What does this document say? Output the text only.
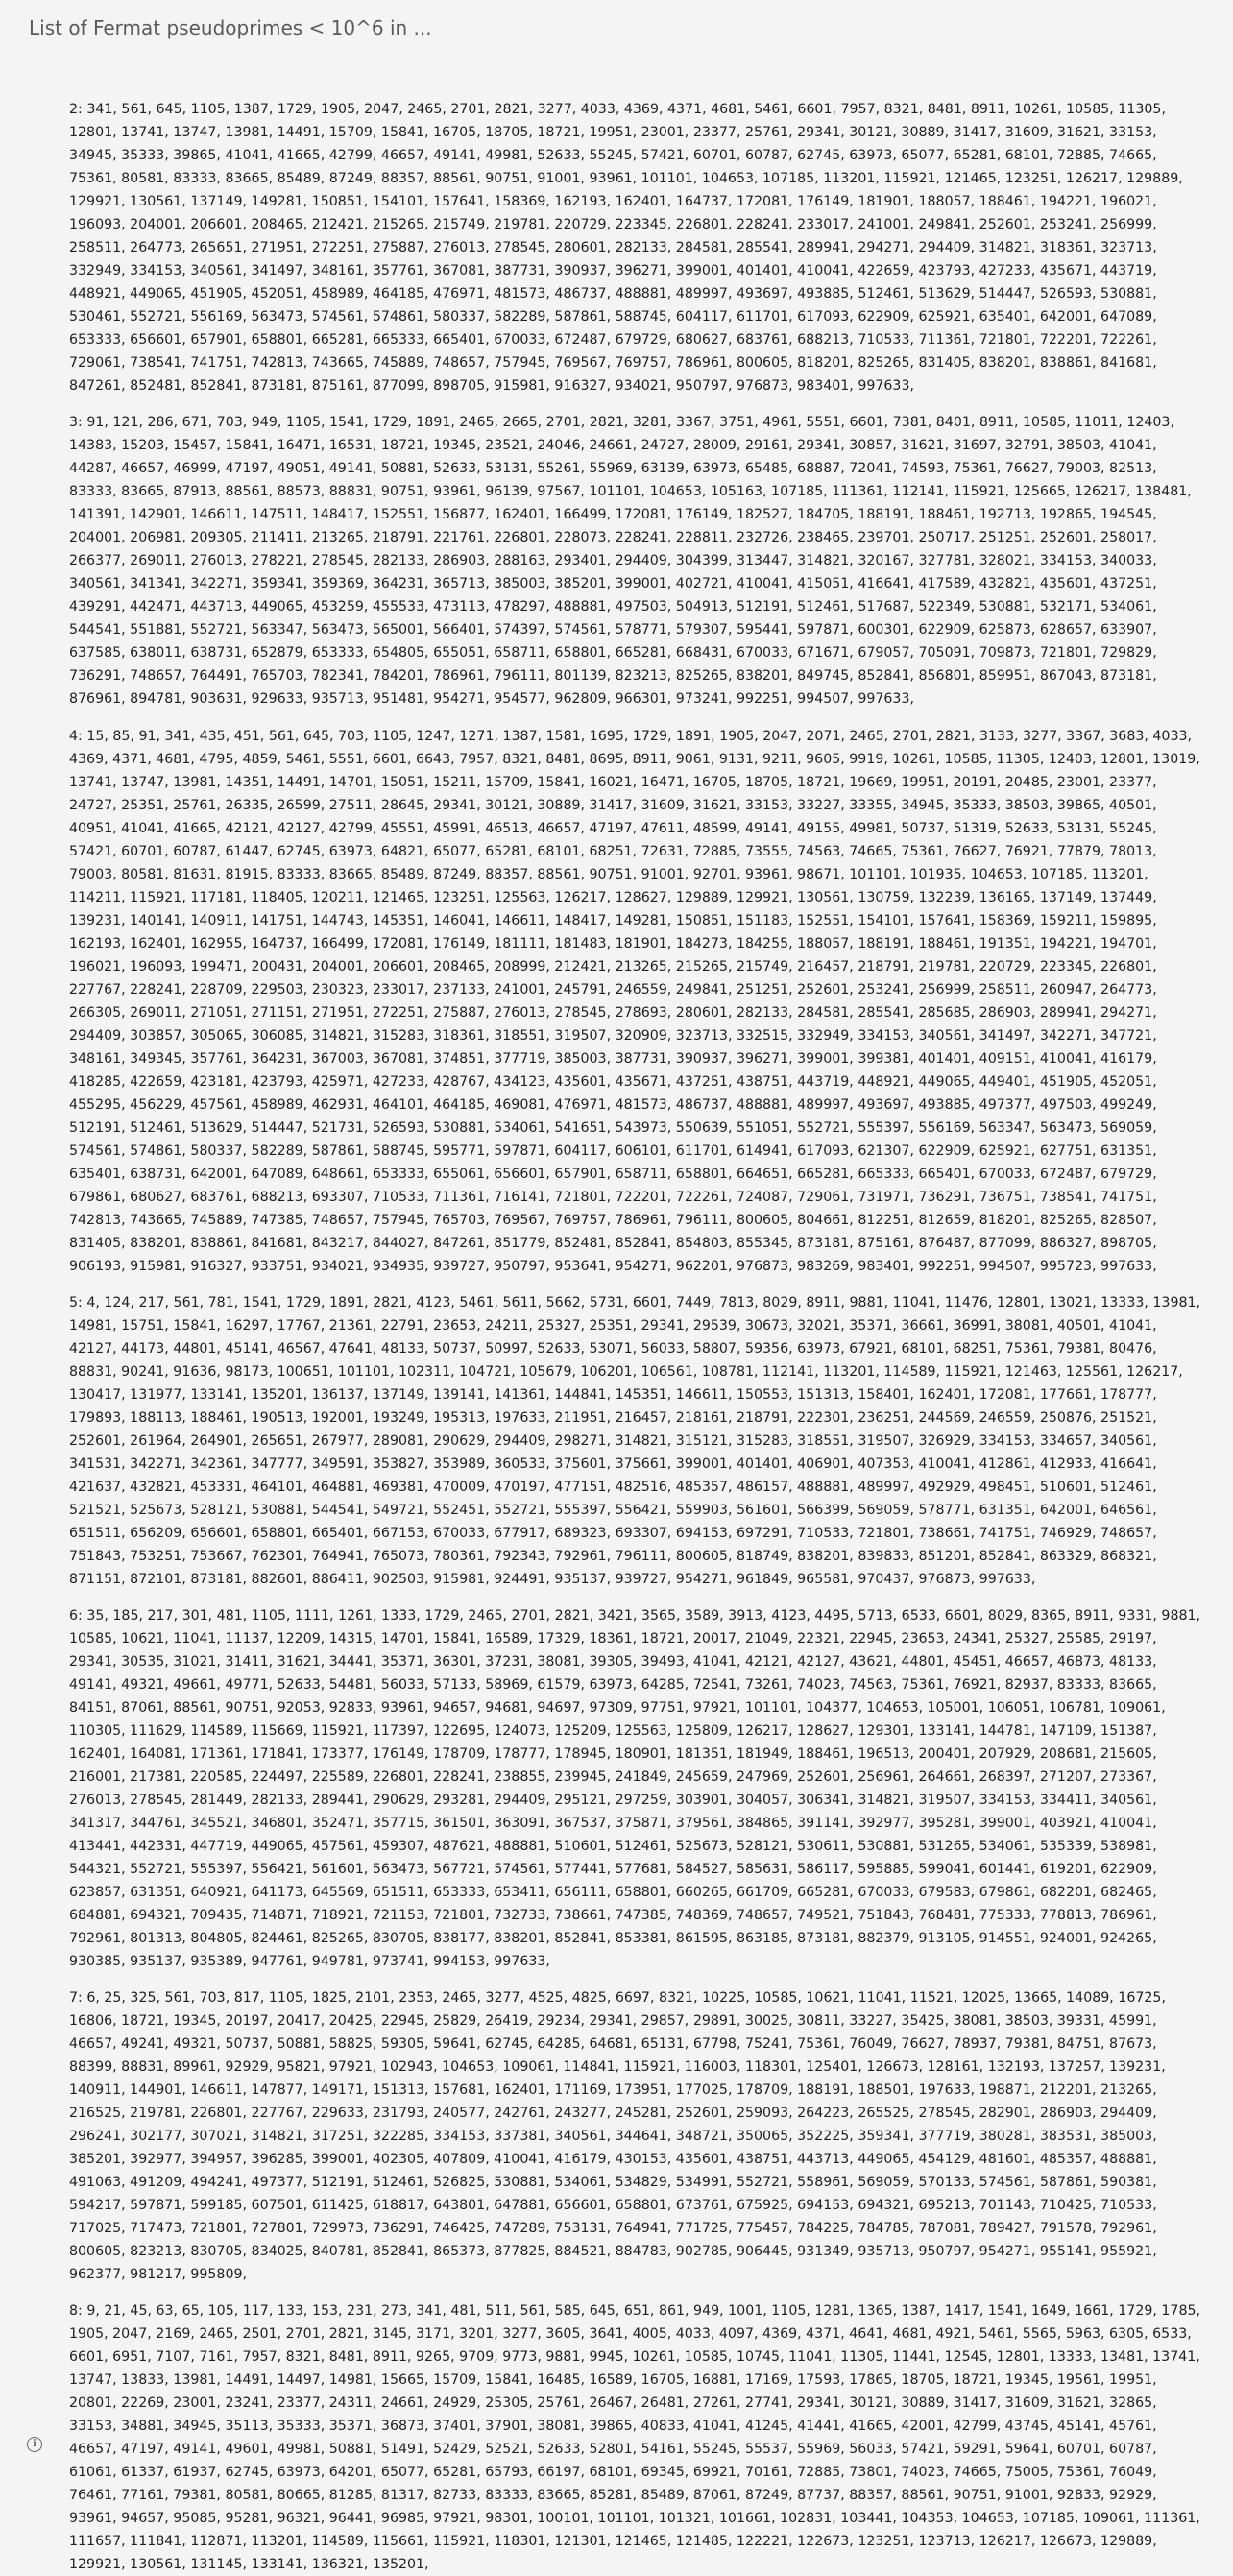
List of Fermat pseudoprimes < 10^6 in ...

2: 341, 561, 645, 1105, 1387, 1729, 1905, 2047, 2465, 2701, 2821, 3277, 4033, 4369, 4371, 4681, 5461, 6601, 7957, 8321, 8481, 8911, 10261, 10585, 11305, 12801, 13741, 13747, 13981, 14491, 15709, 15841, 16705, 18705, 18721, 19951, 23001, 23377, 25761, 29341, 30121, 30889, 31417, 31609, 31621, 33153, 34945, 35333, 39865, 41041, 41665, 42799, 46657, 49141, 49981, 52633, 55245, 57421, 60701, 60787, 62745, 63973, 65077, 65281, 68101, 72885, 74665, 75361, 80581, 83333, 83665, 85489, 87249, 88357, 88561, 90751, 91001, 93961, 101101, 104653, 107185, 113201, 115921, 121465, 123251, 126217, 129889, 129921, 130561, 137149, 149281, 150851, 154101, 157641, 158369, 162193, 162401, 164737, 172081, 176149, 181901, 188057, 188461, 194221, 196021, 196093, 204001, 206601, 208465, 212421, 215265, 215749, 219781, 220729, 223345, 226801, 228241, 233017, 241001, 249841, 252601, 253241, 256999, 258511, 264773, 265651, 271951, 272251, 275887, 276013, 278545, 280601, 282133, 284581, 285541, 289941, 294271, 294409, 314821, 318361, 323713, 332949, 334153, 340561, 341497, 348161, 357761, 367081, 387731, 390937, 396271, 399001, 401401, 410041, 422659, 423793, 427233, 435671, 443719, 448921, 449065, 451905, 452051, 458989, 464185, 476971, 481573, 486737, 488881, 489997, 493697, 493885, 512461, 513629, 514447, 526593, 530881, 530461, 552721, 556169, 563473, 574561, 574861, 580337, 582289, 587861, 588745, 604117, 611701, 617093, 622909, 625921, 635401, 642001, 647089, 653333, 656601, 657901, 658801, 665281, 665333, 665401, 670033, 672487, 679729, 680627, 683761, 688213, 710533, 711361, 721801, 722201, 722261, 729061, 738541, 741751, 742813, 743665, 745889, 748657, 757945, 769567, 769757, 786961, 800605, 818201, 825265, 831405, 838201, 838861, 841681, 847261, 852481, 852841, 873181, 875161, 877099, 898705, 915981, 916327, 934021, 950797, 976873, 983401, 997633,

3: 91, 121, 286, 671, 703, 949, 1105, 1541, 1729, 1891, 2465, 2665, 2701, 2821, 3281, 3367, 3751, 4961, 5551, 6601, 7381, 8401, 8911, 10585, 11011, 12403, 14383, 15203, 15457, 15841, 16471, 16531, 18721, 19345, 23521, 24046, 24661, 24727, 28009, 29161, 29341, 30857, 31621, 31697, 32791, 38503, 41041, 44287, 46657, 46999, 47197, 49051, 49141, 50881, 52633, 53131, 55261, 55969, 63139, 63973, 65485, 68887, 72041, 74593, 75361, 76627, 79003, 82513, 83333, 83665, 87913, 88561, 88573, 88831, 90751, 93961, 96139, 97567, 101101, 104653, 105163, 107185, 111361, 112141, 115921, 125665, 126217, 138481, 141391, 142901, 146611, 147511, 148417, 152551, 156877, 162401, 166499, 172081, 176149, 182527, 184705, 188191, 188461, 192713, 192865, 194545, 204001, 206981, 209305, 211411, 213265, 218791, 221761, 226801, 228073, 228241, 228811, 232726, 238465, 239701, 250717, 251251, 252601, 258017, 266377, 269011, 276013, 278221, 278545, 282133, 286903, 288163, 293401, 294409, 304399, 313447, 314821, 320167, 327781, 328021, 334153, 340033, 340561, 341341, 342271, 359341, 359369, 364231, 365713, 385003, 385201, 399001, 402721, 410041, 415051, 416641, 417589, 432821, 435601, 437251, 439291, 442471, 443713, 449065, 453259, 455533, 473113, 478297, 488881, 497503, 504913, 512191, 512461, 517687, 522349, 530881, 532171, 534061, 544541, 551881, 552721, 563347, 563473, 565001, 566401, 574397, 574561, 578771, 579307, 595441, 597871, 600301, 622909, 625873, 628657, 633907, 637585, 638011, 638731, 652879, 653333, 654805, 655051, 658711, 658801, 665281, 668431, 670033, 671671, 679057, 705091, 709873, 721801, 729829, 736291, 748657, 764491, 765703, 782341, 784201, 786961, 796111, 801139, 823213, 825265, 838201, 849745, 852841, 856801, 859951, 867043, 873181, 876961, 894781, 903631, 929633, 935713, 951481, 954271, 954577, 962809, 966301, 973241, 992251, 994507, 997633,

4: 15, 85, 91, 341, 435, 451, 561, 645, 703, 1105, 1247, 1271, 1387, 1581, 1695, 1729, 1891, 1905, 2047, 2071, 2465, 2701, 2821, 3133, 3277, 3367, 3683, 4033, 4369, 4371, 4681, 4795, 4859, 5461, 5551, 6601, 6643, 7957, 8321, 8481, 8695, 8911, 9061, 9131, 9211, 9605, 9919, 10261, 10585, 11305, 12403, 12801, 13019, 13741, 13747, 13981, 14351, 14491, 14701, 15051, 15211, 15709, 15841, 16021, 16471, 16705, 18705, 18721, 19669, 19951, 20191, 20485, 23001, 23377, 24727, 25351, 25761, 26335, 26599, 27511, 28645, 29341, 30121, 30889, 31417, 31609, 31621, 33153, 33227, 33355, 34945, 35333, 38503, 39865, 40501, 40951, 41041, 41665, 42121, 42127, 42799, 45551, 45991, 46513, 46657, 47197, 47611, 48599, 49141, 49155, 49981, 50737, 51319, 52633, 53131, 55245, 57421, 60701, 60787, 61447, 62745, 63973, 64821, 65077, 65281, 68101, 68251, 72631, 72885, 73555, 74563, 74665, 75361, 76627, 76921, 77879, 78013, 79003, 80581, 81631, 81915, 83333, 83665, 85489, 87249, 88357, 88561, 90751, 91001, 92701, 93961, 98671, 101101, 101935, 104653, 107185, 113201, 114211, 115921, 117181, 118405, 120211, 121465, 123251, 125563, 126217, 128627, 129889, 129921, 130561, 130759, 132239, 136165, 137149, 137449, 139231, 140141, 140911, 141751, 144743, 145351, 146041, 146611, 148417, 149281, 150851, 151183, 152551, 154101, 157641, 158369, 159211, 159895, 162193, 162401, 162955, 164737, 166499, 172081, 176149, 181111, 181483, 181901, 184273, 184255, 188057, 188191, 188461, 191351, 194221, 194701, 196021, 196093, 199471, 200431, 204001, 206601, 208465, 208999, 212421, 213265, 215265, 215749, 216457, 218791, 219781, 220729, 223345, 226801, 227767, 228241, 228709, 229503, 230323, 233017, 237133, 241001, 245791, 246559, 249841, 251251, 252601, 253241, 256999, 258511, 260947, 264773, 266305, 269011, 271051, 271151, 271951, 272251, 275887, 276013, 278545, 278693, 280601, 282133, 284581, 285541, 285685, 286903, 289941, 294271, 294409, 303857, 305065, 306085, 314821, 315283, 318361, 318551, 319507, 320909, 323713, 332515, 332949, 334153, 340561, 341497, 342271, 347721, 348161, 349345, 357761, 364231, 367003, 367081, 374851, 377719, 385003, 387731, 390937, 396271, 399001, 399381, 401401, 409151, 410041, 416179, 418285, 422659, 423181, 423793, 425971, 427233, 428767, 434123, 435601, 435671, 437251, 438751, 443719, 448921, 449065, 449401, 451905, 452051, 455295, 456229, 457561, 458989, 462931, 464101, 464185, 469081, 476971, 481573, 486737, 488881, 489997, 493697, 493885, 497377, 497503, 499249, 512191, 512461, 513629, 514447, 521731, 526593, 530881, 534061, 541651, 543973, 550639, 551051, 552721, 555397, 556169, 563347, 563473, 569059, 574561, 574861, 580337, 582289, 587861, 588745, 595771, 597871, 604117, 606101, 611701, 614941, 617093, 621307, 622909, 625921, 627751, 631351, 635401, 638731, 642001, 647089, 648661, 653333, 655061, 656601, 657901, 658711, 658801, 664651, 665281, 665333, 665401, 670033, 672487, 679729, 679861, 680627, 683761, 688213, 693307, 710533, 711361, 716141, 721801, 722201, 722261, 724087, 729061, 731971, 736291, 736751, 738541, 741751, 742813, 743665, 745889, 747385, 748657, 757945, 765703, 769567, 769757, 786961, 796111, 800605, 804661, 812251, 812659, 818201, 825265, 828507, 831405, 838201, 838861, 841681, 843217, 844027, 847261, 851779, 852481, 852841, 854803, 855345, 873181, 875161, 876487, 877099, 886327, 898705, 906193, 915981, 916327, 933751, 934021, 934935, 939727, 950797, 953641, 954271, 962201, 976873, 983269, 983401, 992251, 994507, 995723, 997633,

5: 4, 124, 217, 561, 781, 1541, 1729, 1891, 2821, 4123, 5461, 5611, 5662, 5731, 6601, 7449, 7813, 8029, 8911, 9881, 11041, 11476, 12801, 13021, 13333, 13981, 14981, 15751, 15841, 16297, 17767, 21361, 22791, 23653, 24211, 25327, 25351, 29341, 29539, 30673, 32021, 35371, 36661, 36991, 38081, 40501, 41041, 42127, 44173, 44801, 45141, 46567, 47641, 48133, 50737, 50997, 52633, 53071, 56033, 58807, 59356, 63973, 67921, 68101, 68251, 75361, 79381, 80476, 88831, 90241, 91636, 98173, 100651, 101101, 102311, 104721, 105679, 106201, 106561, 108781, 112141, 113201, 114589, 115921, 121463, 125561, 126217, 130417, 131977, 133141, 135201, 136137, 137149, 139141, 141361, 144841, 145351, 146611, 150553, 151313, 158401, 162401, 172081, 177661, 178777, 179893, 188113, 188461, 190513, 192001, 193249, 195313, 197633, 211951, 216457, 218161, 218791, 222301, 236251, 244569, 246559, 250876, 251521, 252601, 261964, 264901, 265651, 267977, 289081, 290629, 294409, 298271, 314821, 315121, 315283, 318551, 319507, 326929, 334153, 334657, 340561, 341531, 342271, 342361, 347777, 349591, 353827, 353989, 360533, 375601, 375661, 399001, 401401, 406901, 407353, 410041, 412861, 412933, 416641, 421637, 432821, 453331, 464101, 464881, 469381, 470009, 470197, 477151, 482516, 485357, 486157, 488881, 489997, 492929, 498451, 510601, 512461, 521521, 525673, 528121, 530881, 544541, 549721, 552451, 552721, 555397, 556421, 559903, 561601, 566399, 569059, 578771, 631351, 642001, 646561, 651511, 656209, 656601, 658801, 665401, 667153, 670033, 677917, 689323, 693307, 694153, 697291, 710533, 721801, 738661, 741751, 746929, 748657, 751843, 753251, 753667, 762301, 764941, 765073, 780361, 792343, 792961, 796111, 800605, 818749, 838201, 839833, 851201, 852841, 863329, 868321, 871151, 872101, 873181, 882601, 886411, 902503, 915981, 924491, 935137, 939727, 954271, 961849, 965581, 970437, 976873, 997633,

6: 35, 185, 217, 301, 481, 1105, 1111, 1261, 1333, 1729, 2465, 2701, 2821, 3421, 3565, 3589, 3913, 4123, 4495, 5713, 6533, 6601, 8029, 8365, 8911, 9331, 9881, 10585, 10621, 11041, 11137, 12209, 14315, 14701, 15841, 16589, 17329, 18361, 18721, 20017, 21049, 22321, 22945, 23653, 24341, 25327, 25585, 29197, 29341, 30535, 31021, 31411, 31621, 34441, 35371, 36301, 37231, 38081, 39305, 39493, 41041, 42121, 42127, 43621, 44801, 45451, 46657, 46873, 48133, 49141, 49321, 49661, 49771, 52633, 54481, 56033, 57133, 58969, 61579, 63973, 64285, 72541, 73261, 74023, 74563, 75361, 76921, 82937, 83333, 83665, 84151, 87061, 88561, 90751, 92053, 92833, 93961, 94657, 94681, 94697, 97309, 97751, 97921, 101101, 104377, 104653, 105001, 106051, 106781, 109061, 110305, 111629, 114589, 115669, 115921, 117397, 122695, 124073, 125209, 125563, 125809, 126217, 128627, 129301, 133141, 144781, 147109, 151387, 162401, 164081, 171361, 171841, 173377, 176149, 178709, 178777, 178945, 180901, 181351, 181949, 188461, 196513, 200401, 207929, 208681, 215605, 216001, 217381, 220585, 224497, 225589, 226801, 228241, 238855, 239945, 241849, 245659, 247969, 252601, 256961, 264661, 268397, 271207, 273367, 276013, 278545, 281449, 282133, 289441, 290629, 293281, 294409, 295121, 297259, 303901, 304057, 306341, 314821, 319507, 334153, 334411, 340561, 341317, 344761, 345521, 346801, 352471, 357715, 361501, 363091, 367537, 375871, 379561, 384865, 391141, 392977, 395281, 399001, 403921, 410041, 413441, 442331, 447719, 449065, 457561, 459307, 487621, 488881, 510601, 512461, 525673, 528121, 530611, 530881, 531265, 534061, 535339, 538981, 544321, 552721, 555397, 556421, 561601, 563473, 567721, 574561, 577441, 577681, 584527, 585631, 586117, 595885, 599041, 601441, 619201, 622909, 623857, 631351, 640921, 641173, 645569, 651511, 653333, 653411, 656111, 658801, 660265, 661709, 665281, 670033, 679583, 679861, 682201, 682465, 684881, 694321, 709435, 714871, 718921, 721153, 721801, 732733, 738661, 747385, 748369, 748657, 749521, 751843, 768481, 775333, 778813, 786961, 792961, 801313, 804805, 824461, 825265, 830705, 838177, 838201, 852841, 853381, 861595, 863185, 873181, 882379, 913105, 914551, 924001, 924265, 930385, 935137, 935389, 947761, 949781, 973741, 994153, 997633,

7: 6, 25, 325, 561, 703, 817, 1105, 1825, 2101, 2353, 2465, 3277, 4525, 4825, 6697, 8321, 10225, 10585, 10621, 11041, 11521, 12025, 13665, 14089, 16725, 16806, 18721, 19345, 20197, 20417, 20425, 22945, 25829, 26419, 29234, 29341, 29857, 29891, 30025, 30811, 33227, 35425, 38081, 38503, 39331, 45991, 46657, 49241, 49321, 50737, 50881, 58825, 59305, 59641, 62745, 64285, 64681, 65131, 67798, 75241, 75361, 76049, 76627, 78937, 79381, 84751, 87673, 88399, 88831, 89961, 92929, 95821, 97921, 102943, 104653, 109061, 114841, 115921, 116003, 118301, 125401, 126673, 128161, 132193, 137257, 139231, 140911, 144901, 146611, 147877, 149171, 151313, 157681, 162401, 171169, 173951, 177025, 178709, 188191, 188501, 197633, 198871, 212201, 213265, 216525, 219781, 226801, 227767, 229633, 231793, 240577, 242761, 243277, 245281, 252601, 259093, 264223, 265525, 278545, 282901, 286903, 294409, 296241, 302177, 307021, 314821, 317251, 322285, 334153, 337381, 340561, 344641, 348721, 350065, 352225, 359341, 377719, 380281, 383531, 385003, 385201, 392977, 394957, 396285, 399001, 402305, 407809, 410041, 416179, 430153, 435601, 438751, 443713, 449065, 454129, 481601, 485357, 488881, 491063, 491209, 494241, 497377, 512191, 512461, 526825, 530881, 534061, 534829, 534991, 552721, 558961, 569059, 570133, 574561, 587861, 590381, 594217, 597871, 599185, 607501, 611425, 618817, 643801, 647881, 656601, 658801, 673761, 675925, 694153, 694321, 695213, 701143, 710425, 710533, 717025, 717473, 721801, 727801, 729973, 736291, 746425, 747289, 753131, 764941, 771725, 775457, 784225, 784785, 787081, 789427, 791578, 792961, 800605, 823213, 830705, 834025, 840781, 852841, 865373, 877825, 884521, 884783, 902785, 906445, 931349, 935713, 950797, 954271, 955141, 955921, 962377, 981217, 995809,

8: 9, 21, 45, 63, 65, 105, 117, 133, 153, 231, 273, 341, 481, 511, 561, 585, 645, 651, 861, 949, 1001, 1105, 1281, 1365, 1387, 1417, 1541, 1649, 1661, 1729, 1785, 1905, 2047, 2169, 2465, 2501, 2701, 2821, 3145, 3171, 3201, 3277, 3605, 3641, 4005, 4033, 4097, 4369, 4371, 4641, 4681, 4921, 5461, 5565, 5963, 6305, 6533, 6601, 6951, 7107, 7161, 7957, 8321, 8481, 8911, 9265, 9709, 9773, 9881, 9945, 10261, 10585, 10745, 11041, 11305, 11441, 12545, 12801, 13333, 13481, 13741, 13747, 13833, 13981, 14491, 14497, 14981, 15665, 15709, 15841, 16485, 16589, 16705, 16881, 17169, 17593, 17865, 18705, 18721, 19345, 19561, 19951, 20801, 22269, 23001, 23241, 23377, 24311, 24661, 24929, 25305, 25761, 26467, 26481, 27261, 27741, 29341, 30121, 30889, 31417, 31609, 31621, 32865, 33153, 34881, 34945, 35113, 35333, 35371, 36873, 37401, 37901, 38081, 39865, 40833, 41041, 41245, 41441, 41665, 42001, 42799, 43745, 45141, 45761, 46657, 47197, 49141, 49601, 49981, 50881, 51491, 52429, 52521, 52633, 52801, 54161, 55245, 55537, 55969, 56033, 57421, 59291, 59641, 60701, 60787, 61061, 61337, 61937, 62745, 63973, 64201, 65077, 65281, 65793, 66197, 68101, 69345, 69921, 70161, 72885, 73801, 74023, 74665, 75005, 75361, 76049, 76461, 77161, 79381, 80581, 80665, 81285, 81317, 82733, 83333, 83665, 85281, 85489, 87061, 87249, 87737, 88357, 88561, 90751, 91001, 92833, 92929, 93961, 94657, 95085, 95281, 96321, 96441, 96985, 97921, 98301, 100101, 101101, 101321, 101661, 102831, 103441, 104353, 104653, 107185, 109061, 111361, 111657, 111841, 112871, 113201, 114589, 115661, 115921, 118301, 121301, 121465, 121485, 122221, 122673, 123251, 123713, 126217, 126673, 129889, 129921, 130561, 131145, 133141, 136321, 135201,

i
